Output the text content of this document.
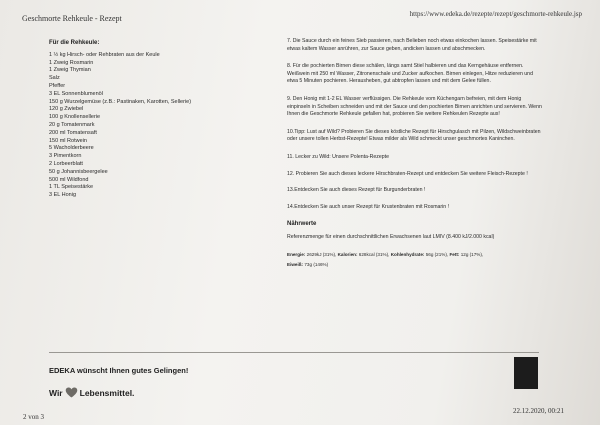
Geschmorte Rehkeule - Rezept	https://www.edeka.de/rezepte/rezept/geschmorte-rehkeule.jsp
Für die Rehkeule:
1 ½ kg Hirsch- oder Rehbraten aus der Keule
1 Zweig Rosmarin
1 Zweig Thymian
Salz
Pfeffer
3 EL Sonnenblumenöl
150 g Wurzelgemüse (z.B.: Pastinaken, Karotten, Sellerie)
120 g Zwiebel
100 g Knollensellerie
20 g Tomatenmark
200 ml Tomatensaft
150 ml Rotwein
5 Wacholderbeere
3 Pimentkorn
2 Lorbeerblatt
50 g Johannisbeergelee
500 ml Wildfond
1 TL Speisestärke
3 EL Honig

7. Die Sauce durch ein feines Sieb passieren, nach Belieben noch etwas einkochen lassen. Speisestärke mit etwas kaltem Wasser anrühren, zur Sauce geben, andicken lassen und abschmecken.

8. Für die pochierten Birnen diese schälen, längs samt Stiel halbieren und das Kerngehäuse entfernen. Weißwein mit 250 ml Wasser, Zitronenschale und Zucker aufkochen. Birnen einlegen, Hitze reduzieren und etwa 5 Minuten pochieren. Herausheben, gut abtropfen lassen und mit dem Gelee füllen.

9. Den Honig mit 1-2 EL Wasser verflüssigen. Die Rehkeule vom Küchengarn befreien, mit dem Honig einpinseln in Scheiben schneiden und mit der Sauce und den pochierten Birnen anrichten und servieren. Wenn Ihnen die Geschmorte Rehkeule gefallen hat, probieren Sie weitere Rehkeulen Rezepte aus!

10.Tipp: Lust auf Wild? Probieren Sie dieses köstliche Rezept für Hirschgulasch mit Pilzen, Wildschweinbraten oder unsere tollen Herbst-Rezepte! Etwas milder als Wild schmeckt unser geschmortes Kaninchen.

11. Lecker zu Wild: Unsere Polenta-Rezepte

12. Probieren Sie auch dieses leckere Hirschbraten-Rezept und entdecken Sie weitere Fleisch-Rezepte !

13.Entdecken Sie auch dieses Rezept für Burgunderbraten !

14.Entdecken Sie auch unser Rezept für Krustenbraten mit Rosmarin !

Nährwerte

Referenzmenge für einen durchschnittlichen Erwachsenen laut LMIV (8.400 kJ/2.000 kcal)

Energie: 2629kJ (31%), Kalorien: 628kcal (31%), Kohlenhydrate: 56g (21%), Fett: 12g (17%),
Eiweiß: 73g (146%)
EDEKA wünscht Ihnen gutes Gelingen!
Wir Lebensmittel.
2 von 3
22.12.2020, 00:21
